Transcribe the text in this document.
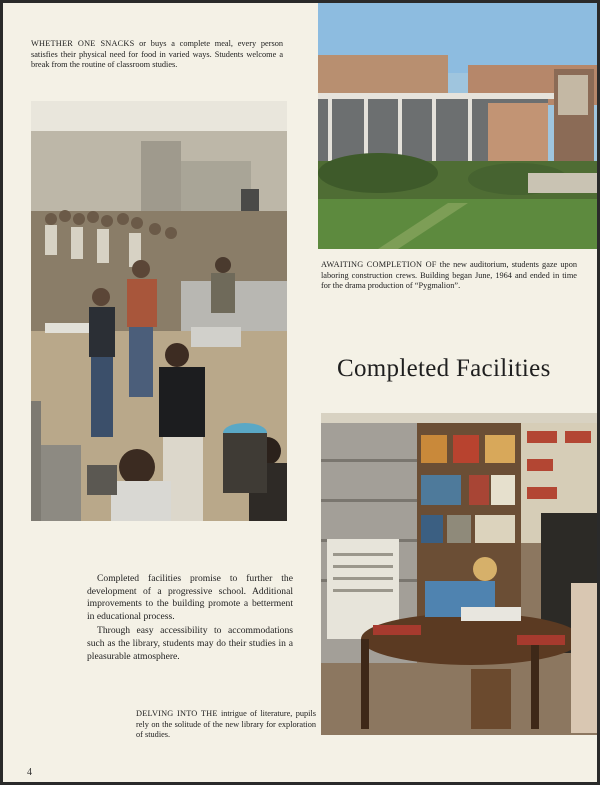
WHETHER ONE SNACKS or buys a complete meal, every person satisfies their physical need for food in varied ways. Students welcome a break from the routine of classroom studies.
AWAITING COMPLETION OF the new auditorium, students gaze upon laboring construction crews. Building began June, 1964 and ended in time for the drama production of “Pygmalion”.
Completed Facilities

Completed facilities promise to further the development of a progressive school. Additional improvements to the building promote a betterment in educational process.

Through easy accessibility to accommodations such as the library, students may do their studies in a pleasurable atmosphere.

DELVING INTO THE intrigue of literature, pupils rely on the solitude of the new library for exploration of studies.
4
